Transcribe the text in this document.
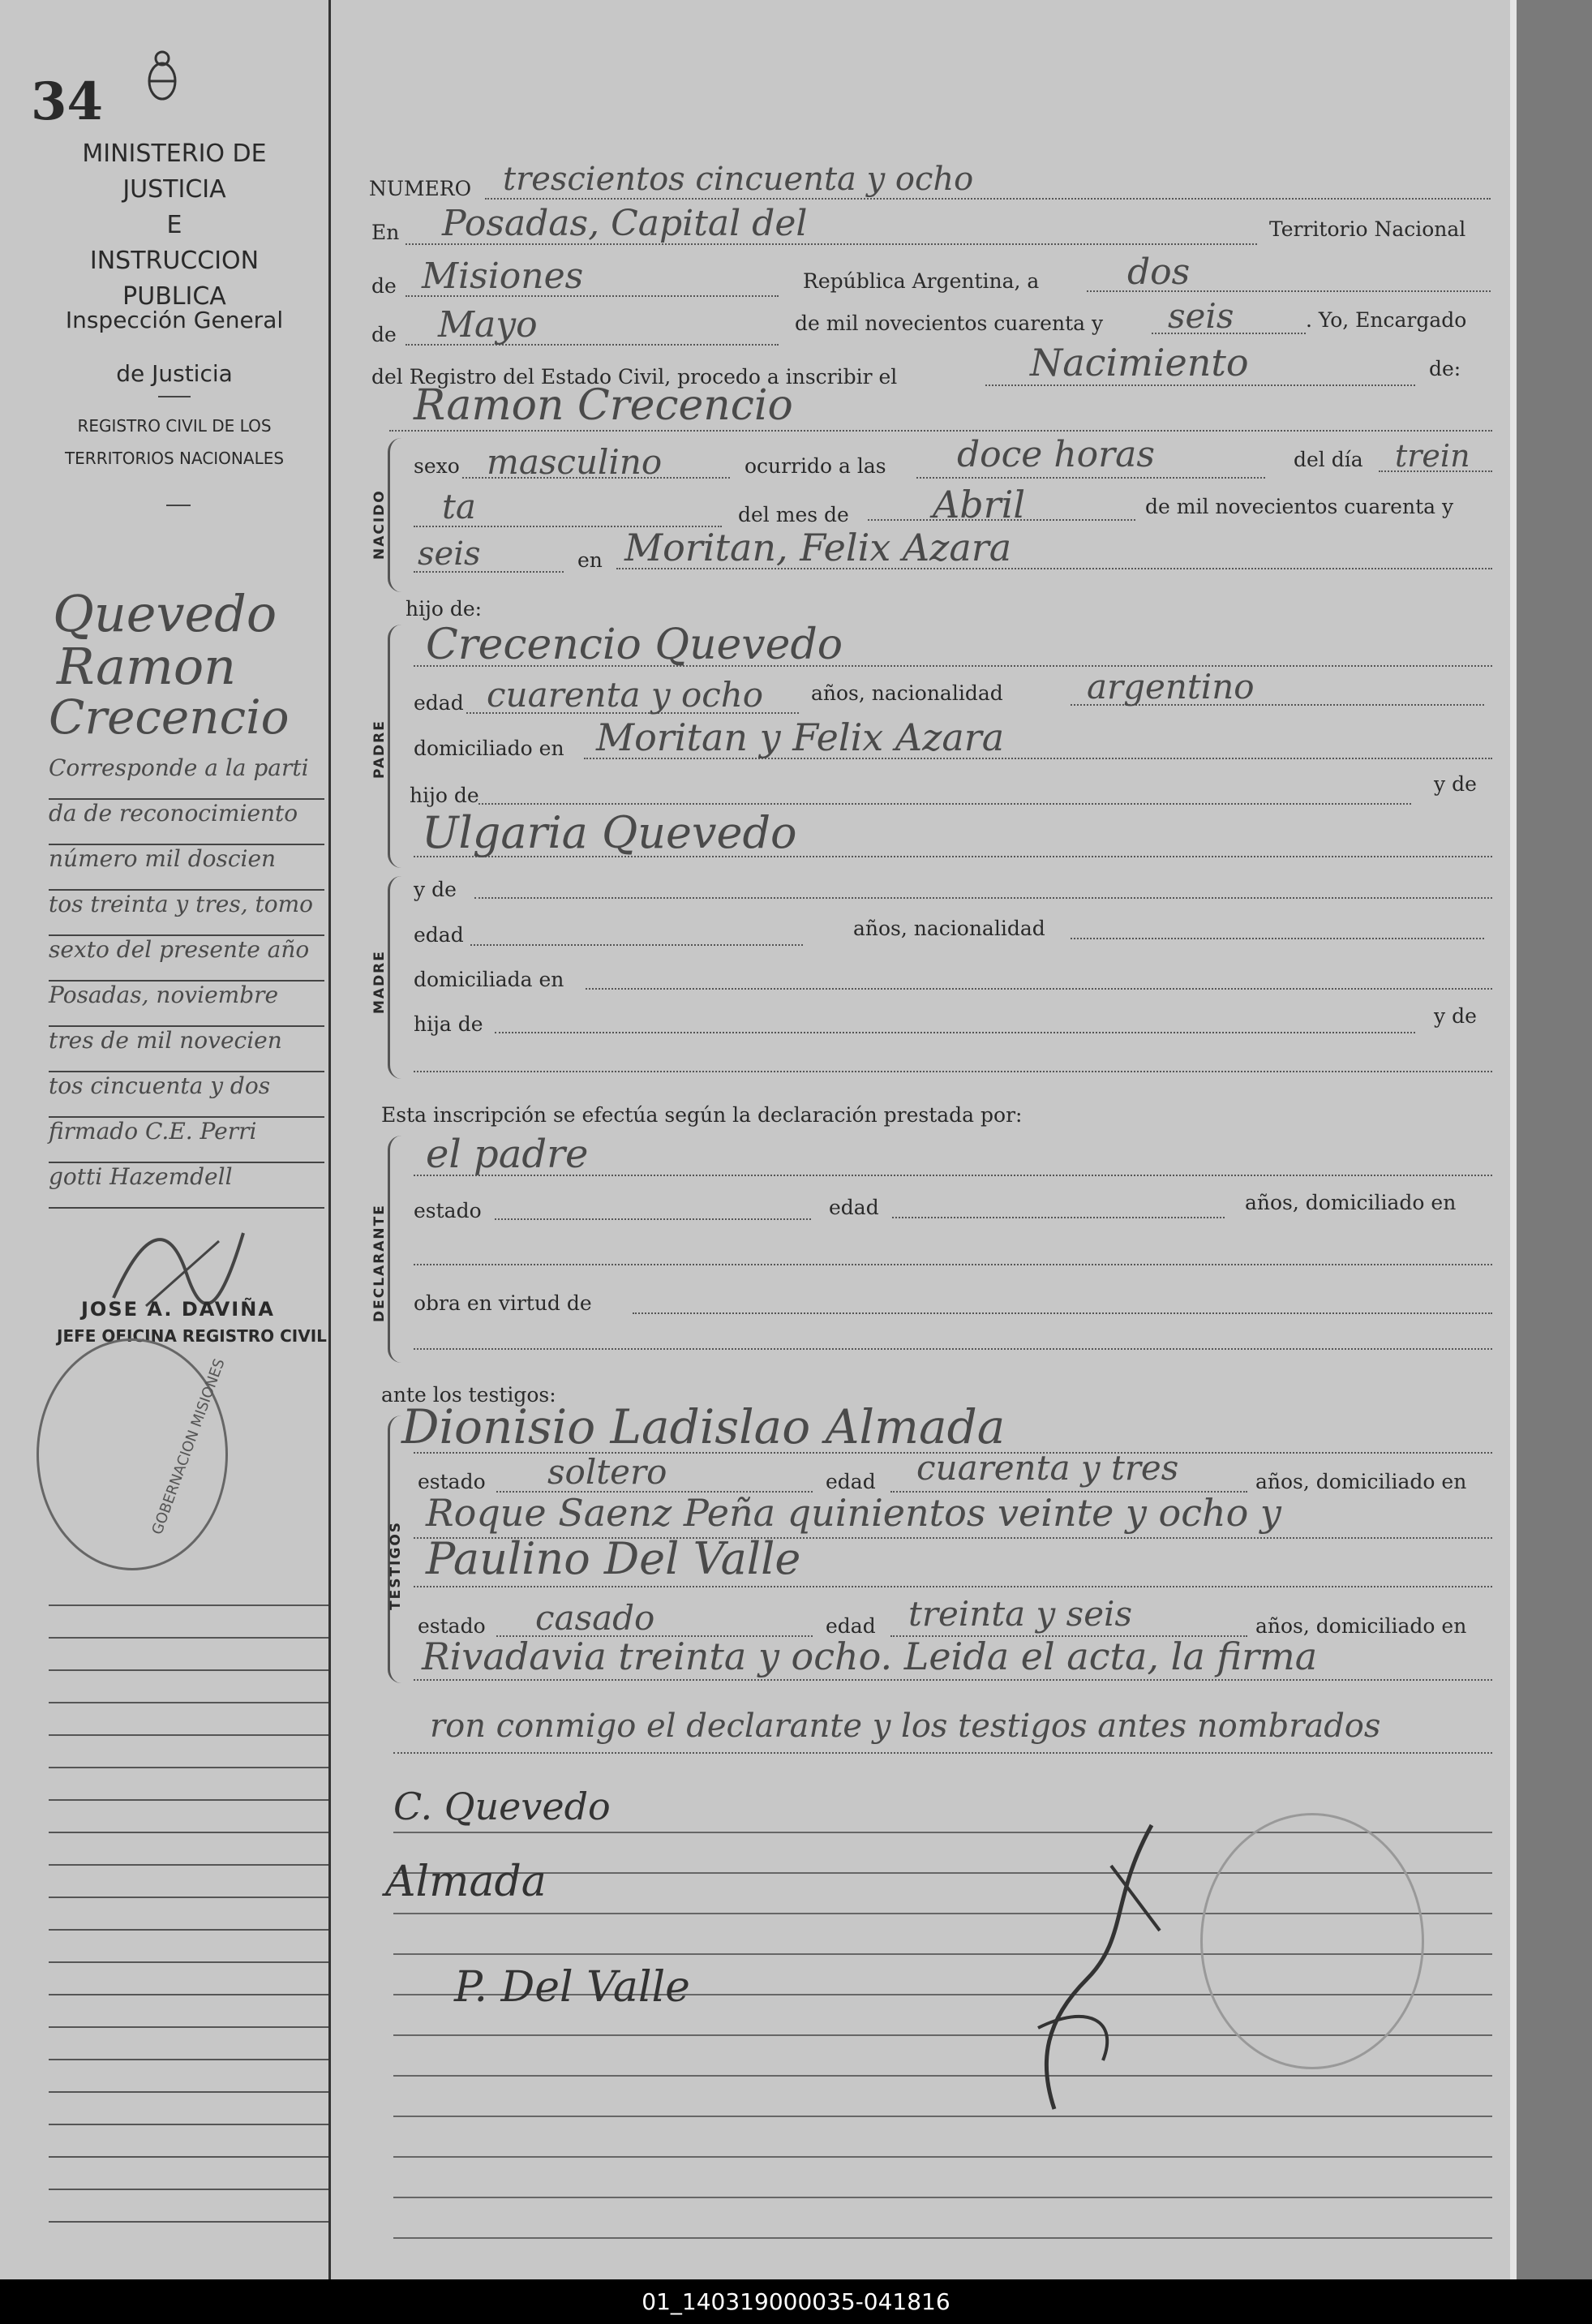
34
MINISTERIO DE JUSTICIA
E
INSTRUCCION PUBLICA
Inspección General
de Justicia
REGISTRO CIVIL DE LOS
TERRITORIOS NACIONALES
Quevedo
Ramon
Crecencio
Corresponde a la parti
da de reconocimiento
número mil doscien
tos treinta y tres, tomo
sexto del presente año
Posadas, noviembre
tres de mil novecien
tos cincuenta y dos
firmado C.E. Perri
gotti Hazemdell
JOSE A. DAVIÑA
JEFE OFICINA REGISTRO CIVIL
GOBERNACION MISIONES
NUMERO trescientos cincuenta y ocho
En Posadas, Capital del	Territorio Nacional
de Misiones	República Argentina, a dos
de Mayo	de mil novecientos cuarenta y seis	. Yo, Encargado
del Registro del Estado Civil, procedo a inscribir el	Nacimiento	de:
Ramon Crecencio
NACIDO
sexo masculino	ocurrido a las doce horas	del día trein
ta	del mes de Abril	de mil novecientos cuarenta y
seis	en Moritan, Felix Azara
hijo de:
PADRE
Crecencio Quevedo
edad cuarenta y ocho años, nacionalidad argentino
domiciliado en Moritan y Felix Azara
hijo de	y de
Ulgaria Quevedo
MADRE
y de
edad	años, nacionalidad
domiciliada en
hija de	y de
Esta inscripción se efectúa según la declaración prestada por:
DECLARANTE
el padre
estado	edad	años, domiciliado en
obra en virtud de
ante los testigos:
TESTIGOS
Dionisio Ladislao Almada
estado soltero	edad cuarenta y tres	años, domiciliado en
Roque Saenz Peña quinientos veinte y ocho y
Paulino Del Valle
estado casado	edad treinta y seis	años, domiciliado en
Rivadavia treinta y ocho. Leida el acta, la firma
ron conmigo el declarante y los testigos antes nombrados
C. Quevedo
Almada
P. Del Valle
01_140319000035-041816
